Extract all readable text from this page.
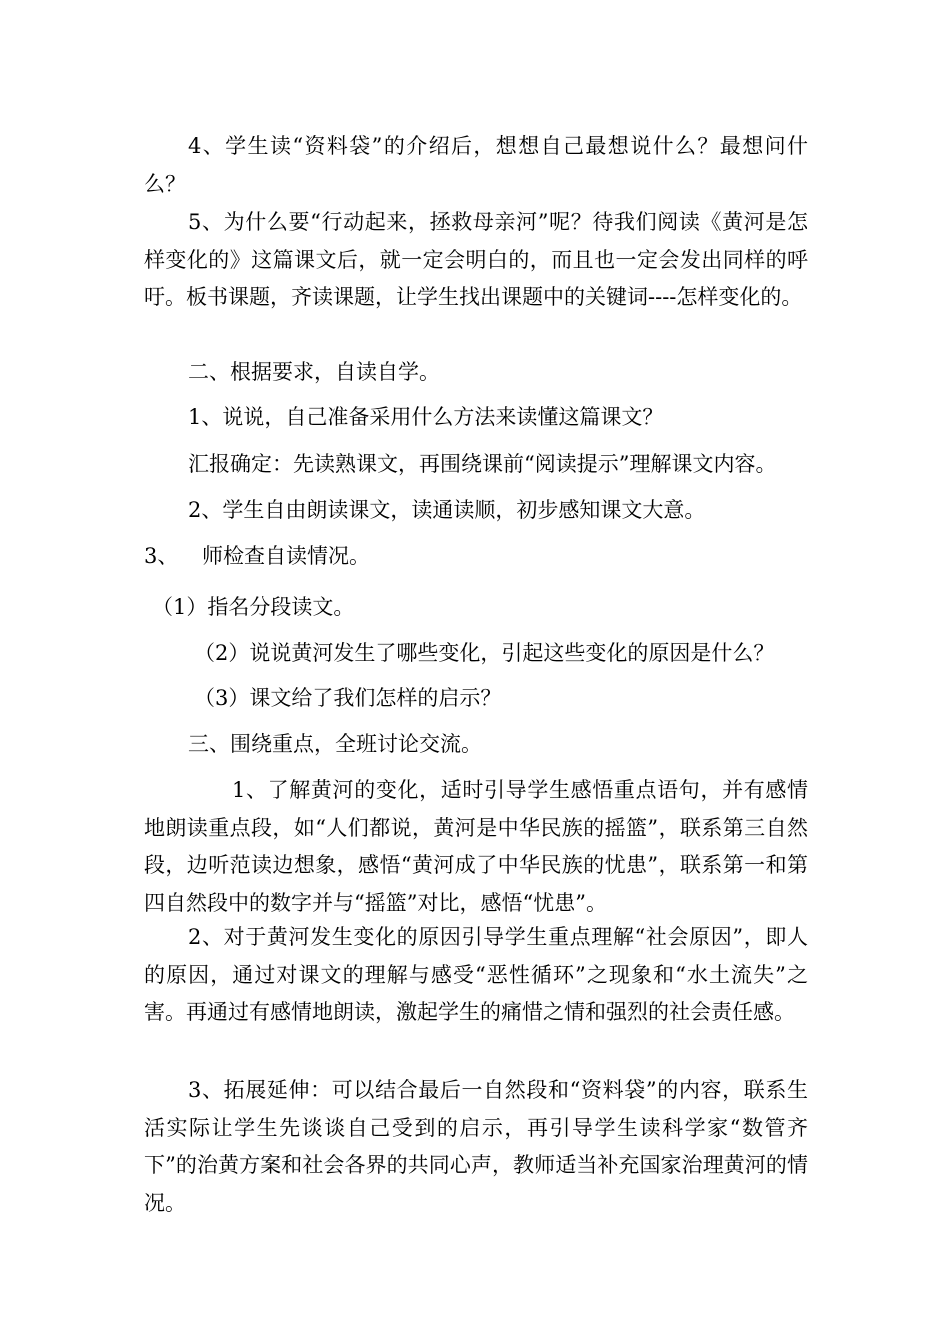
4、学生读“资料袋”的介绍后，想想自己最想说什么？最想问什么？

5、为什么要“行动起来，拯救母亲河”呢？待我们阅读《黄河是怎样变化的》这篇课文后，就一定会明白的，而且也一定会发出同样的呼吁。板书课题，齐读课题，让学生找出课题中的关键词----怎样变化的。

二、根据要求，自读自学。

1、说说，自己准备采用什么方法来读懂这篇课文？

汇报确定：先读熟课文，再围绕课前“阅读提示”理解课文内容。

2、学生自由朗读课文，读通读顺，初步感知课文大意。

3、 师检查自读情况。

（1）指名分段读文。

（2）说说黄河发生了哪些变化，引起这些变化的原因是什么？

（3）课文给了我们怎样的启示？

三、围绕重点，全班讨论交流。

1、了解黄河的变化，适时引导学生感悟重点语句，并有感情地朗读重点段，如“人们都说，黄河是中华民族的摇篮”，联系第三自然段，边听范读边想象，感悟“黄河成了中华民族的忧患”，联系第一和第四自然段中的数字并与“摇篮”对比，感悟“忧患”。

2、对于黄河发生变化的原因引导学生重点理解“社会原因”，即人的原因，通过对课文的理解与感受“恶性循环”之现象和“水土流失”之害。再通过有感情地朗读，激起学生的痛惜之情和强烈的社会责任感。

3、拓展延伸：可以结合最后一自然段和“资料袋”的内容，联系生活实际让学生先谈谈自己受到的启示，再引导学生读科学家“数管齐下”的治黄方案和社会各界的共同心声，教师适当补充国家治理黄河的情况。
